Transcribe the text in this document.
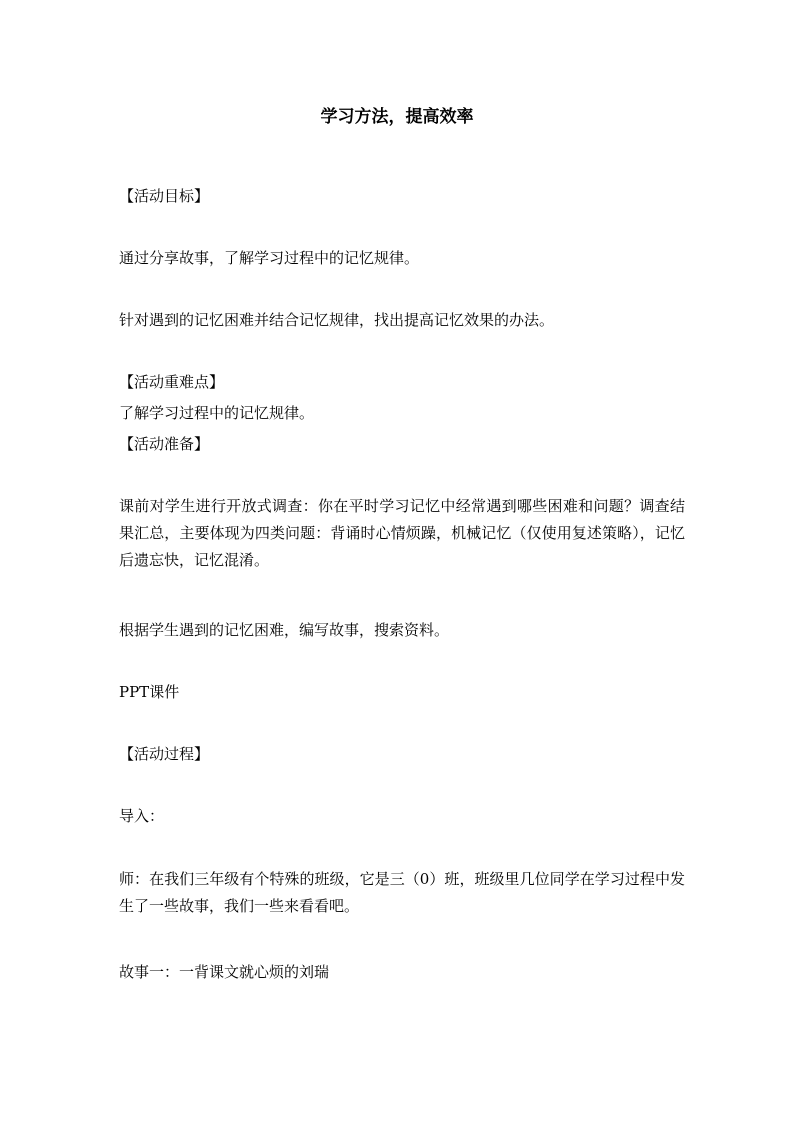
学习方法，提高效率

【活动目标】

通过分享故事，了解学习过程中的记忆规律。

针对遇到的记忆困难并结合记忆规律，找出提高记忆效果的办法。

【活动重难点】

了解学习过程中的记忆规律。

【活动准备】

课前对学生进行开放式调查：你在平时学习记忆中经常遇到哪些困难和问题？调查结果汇总，主要体现为四类问题：背诵时心情烦躁，机械记忆（仅使用复述策略），记忆后遗忘快，记忆混淆。

根据学生遇到的记忆困难，编写故事，搜索资料。

PPT课件

【活动过程】

导入：

师：在我们三年级有个特殊的班级，它是三（0）班，班级里几位同学在学习过程中发生了一些故事，我们一些来看看吧。

故事一：一背课文就心烦的刘瑞
